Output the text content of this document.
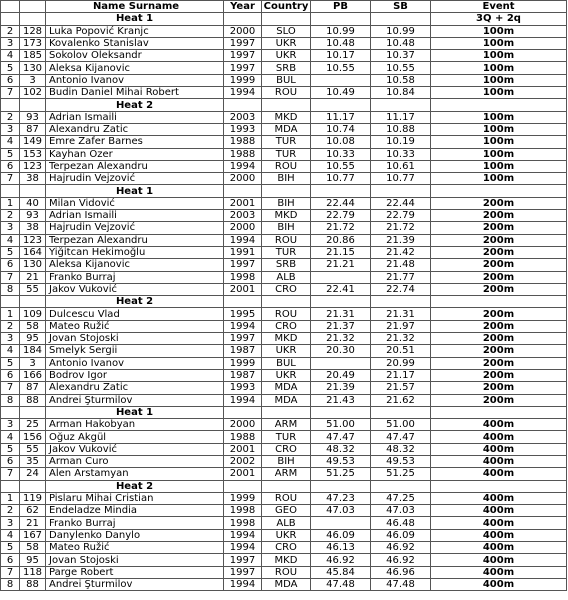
		Name Surname	Year	Country	PB	SB	Event
		Heat 1					3Q + 2q
2	128	Luka Popović Kranjc	2000	SLO	10.99	10.99	100m
3	173	Kovalenko Stanislav	1997	UKR	10.48	10.48	100m
4	185	Sokolov Oleksandr	1997	UKR	10.17	10.37	100m
5	130	Aleksa Kijanovic	1997	SRB	10.55	10.55	100m
6	3	Antonio Ivanov	1999	BUL		10.58	100m
7	102	Budin Daniel Mihai Robert	1994	ROU	10.49	10.84	100m
		Heat 2					
2	93	Adrian Ismaili	2003	MKD	11.17	11.17	100m
3	87	Alexandru Zatic	1993	MDA	10.74	10.88	100m
4	149	Emre Zafer Barnes	1988	TUR	10.08	10.19	100m
5	153	Kayhan Özer	1988	TUR	10.33	10.33	100m
6	123	Terpezan Alexandru	1994	ROU	10.55	10.61	100m
7	38	Hajrudin Vejzović	2000	BIH	10.77	10.77	100m
		Heat 1					
1	40	Milan Vidović	2001	BIH	22.44	22.44	200m
2	93	Adrian Ismaili	2003	MKD	22.79	22.79	200m
3	38	Hajrudin Vejzović	2000	BIH	21.72	21.72	200m
4	123	Terpezan Alexandru	1994	ROU	20.86	21.39	200m
5	164	Yiğitcan Hekimoğlu	1991	TUR	21.15	21.42	200m
6	130	Aleksa Kijanovic	1997	SRB	21.21	21.48	200m
7	21	Franko Burraj	1998	ALB		21.77	200m
8	55	Jakov Vuković	2001	CRO	22.41	22.74	200m
		Heat 2					
1	109	Dulcescu Vlad	1995	ROU	21.31	21.31	200m
2	58	Mateo Ružić	1994	CRO	21.37	21.97	200m
3	95	Jovan Stojoski	1997	MKD	21.32	21.32	200m
4	184	Smelyk Sergii	1987	UKR	20.30	20.51	200m
5	3	Antonio Ivanov	1999	BUL		20.99	200m
6	166	Bodrov Igor	1987	UKR	20.49	21.17	200m
7	87	Alexandru Zatic	1993	MDA	21.39	21.57	200m
8	88	Andrei Şturmilov	1994	MDA	21.43	21.62	200m
		Heat 1					
3	25	Arman Hakobyan	2000	ARM	51.00	51.00	400m
4	156	Oğuz Akgül	1988	TUR	47.47	47.47	400m
5	55	Jakov Vuković	2001	CRO	48.32	48.32	400m
6	35	Arman Curo	2002	BIH	49.53	49.53	400m
7	24	Alen Arstamyan	2001	ARM	51.25	51.25	400m
		Heat 2					
1	119	Pislaru Mihai Cristian	1999	ROU	47.23	47.25	400m
2	62	Endeladze Mindia	1998	GEO	47.03	47.03	400m
3	21	Franko Burraj	1998	ALB		46.48	400m
4	167	Danylenko Danylo	1994	UKR	46.09	46.09	400m
5	58	Mateo Ružić	1994	CRO	46.13	46.92	400m
6	95	Jovan Stojoski	1997	MKD	46.92	46.92	400m
7	118	Parge Robert	1997	ROU	45.84	46.96	400m
8	88	Andrei Şturmilov	1994	MDA	47.48	47.48	400m
